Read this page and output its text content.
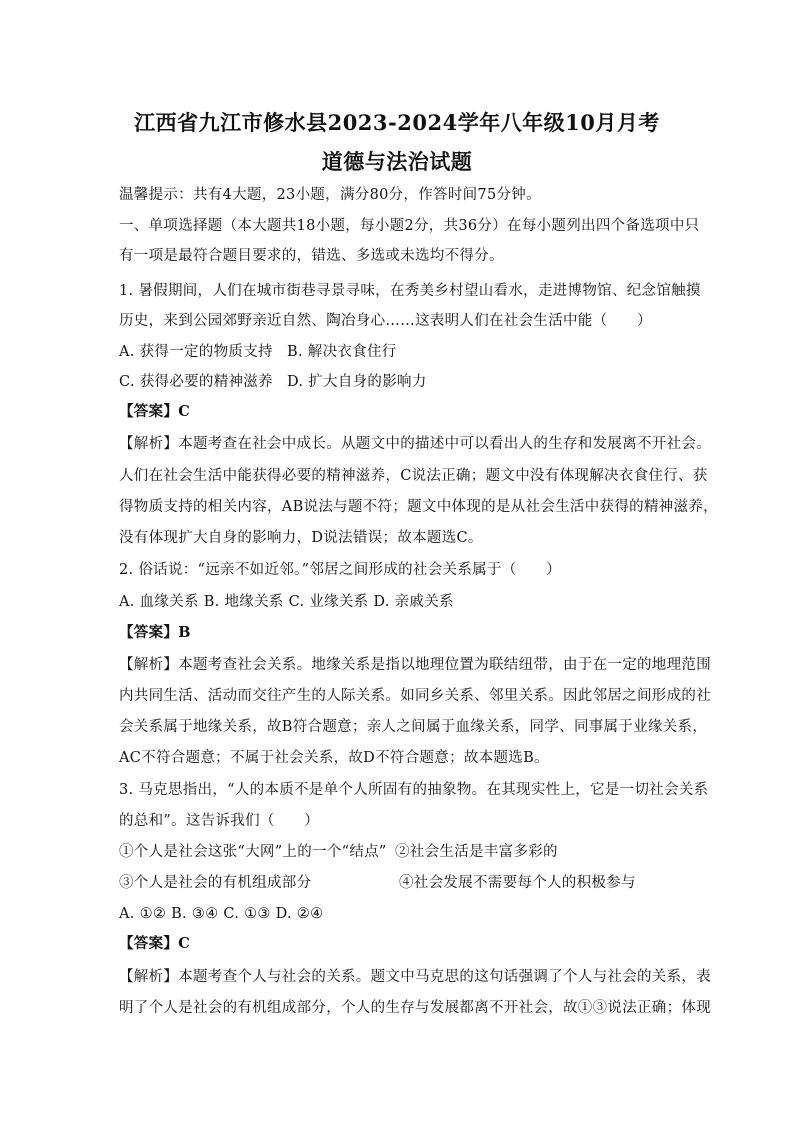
江西省九江市修水县2023-2024学年八年级10月月考
道德与法治试题
温馨提示：共有4大题，23小题，满分80分，作答时间75分钟。
一、单项选择题（本大题共18小题，每小题2分，共36分）在每小题列出四个备选项中只
有一项是最符合题目要求的，错选、多选或未选均不得分。
1. 暑假期间，人们在城市街巷寻景寻味，在秀美乡村望山看水，走进博物馆、纪念馆触摸
历史，来到公园郊野亲近自然、陶冶身心……这表明人们在社会生活中能（　　）
A. 获得一定的物质支持 B. 解决衣食住行
C. 获得必要的精神滋养 D. 扩大自身的影响力
【答案】C
【解析】本题考查在社会中成长。从题文中的描述中可以看出人的生存和发展离不开社会。
人们在社会生活中能获得必要的精神滋养，C说法正确；题文中没有体现解决衣食住行、获
得物质支持的相关内容，AB说法与题不符；题文中体现的是从社会生活中获得的精神滋养，
没有体现扩大自身的影响力，D说法错误；故本题选C。
2. 俗话说：“远亲不如近邻。”邻居之间形成的社会关系属于（　　）
A. 血缘关系 B. 地缘关系 C. 业缘关系 D. 亲戚关系
【答案】B
【解析】本题考查社会关系。地缘关系是指以地理位置为联结纽带，由于在一定的地理范围
内共同生活、活动而交往产生的人际关系。如同乡关系、邻里关系。因此邻居之间形成的社
会关系属于地缘关系，故B符合题意；亲人之间属于血缘关系，同学、同事属于业缘关系，
AC不符合题意；不属于社会关系，故D不符合题意；故本题选B。
3. 马克思指出，“人的本质不是单个人所固有的抽象物。在其现实性上，它是一切社会关系
的总和”。这告诉我们（　　）
①个人是社会这张“大网”上的一个“结点” ②社会生活是丰富多彩的
③个人是社会的有机组成部分	④社会发展不需要每个人的积极参与
A. ①② B. ③④ C. ①③ D. ②④
【答案】C
【解析】本题考查个人与社会的关系。题文中马克思的这句话强调了个人与社会的关系，表
明了个人是社会的有机组成部分，个人的生存与发展都离不开社会，故①③说法正确；体现
